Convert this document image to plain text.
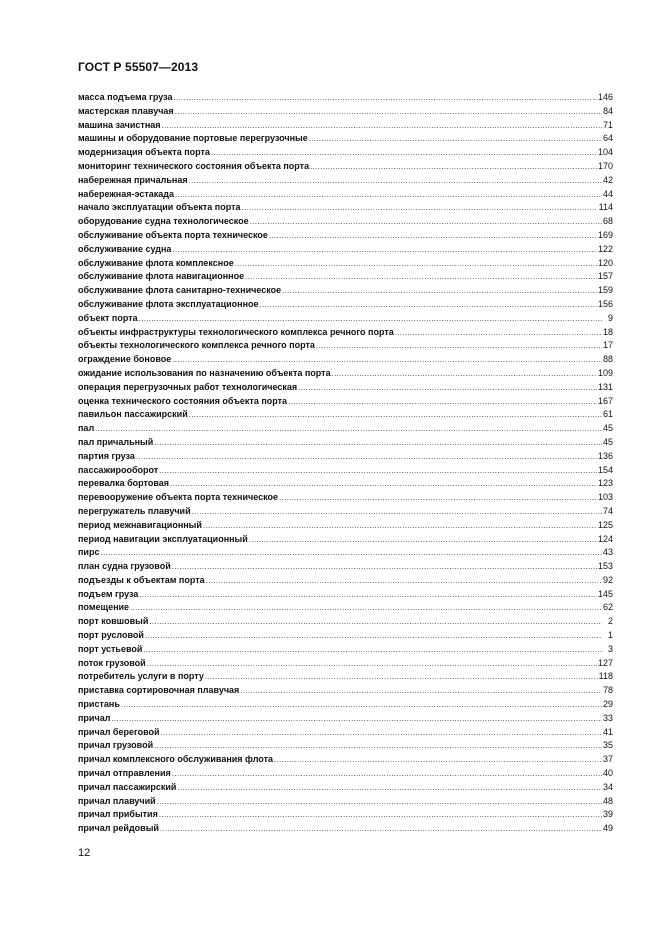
ГОСТ Р 55507—2013
масса подъема груза .....	146
мастерская плавучая .....	84
машина зачистная .....	71
машины и оборудование портовые перегрузочные .....	64
модернизация объекта порта .....	104
мониторинг технического состояния объекта порта .....	170
набережная причальная .....	42
набережная-эстакада .....	44
начало эксплуатации объекта порта .....	114
оборудование судна технологическое .....	68
обслуживание объекта порта техническое .....	169
обслуживание судна .....	122
обслуживание флота комплексное .....	120
обслуживание флота навигационное .....	157
обслуживание флота санитарно-техническое .....	159
обслуживание флота эксплуатационное .....	156
объект порта .....	9
объекты инфраструктуры технологического комплекса речного порта .....	18
объекты технологического комплекса речного порта .....	17
ограждение боновое .....	88
ожидание использования по назначению объекта порта .....	109
операция перегрузочных работ технологическая .....	131
оценка технического состояния объекта порта .....	167
павильон пассажирский .....	61
пал .....	45
пал причальный .....	45
партия груза .....	136
пассажирооборот .....	154
перевалка бортовая .....	123
перевооружение объекта порта техническое .....	103
перегружатель плавучий .....	74
период межнавигационный .....	125
период навигации эксплуатационный .....	124
пирс .....	43
план судна грузовой .....	153
подъезды к объектам порта .....	92
подъем груза .....	145
помещение .....	62
порт ковшовый .....	2
порт русловой .....	1
порт устьевой .....	3
поток грузовой .....	127
потребитель услуги в порту .....	118
приставка сортировочная плавучая .....	78
пристань .....	29
причал .....	33
причал береговой .....	41
причал грузовой .....	35
причал комплексного обслуживания флота .....	37
причал отправления .....	40
причал пассажирский .....	34
причал плавучий .....	48
причал прибытия .....	39
причал рейдовый .....	49
12
